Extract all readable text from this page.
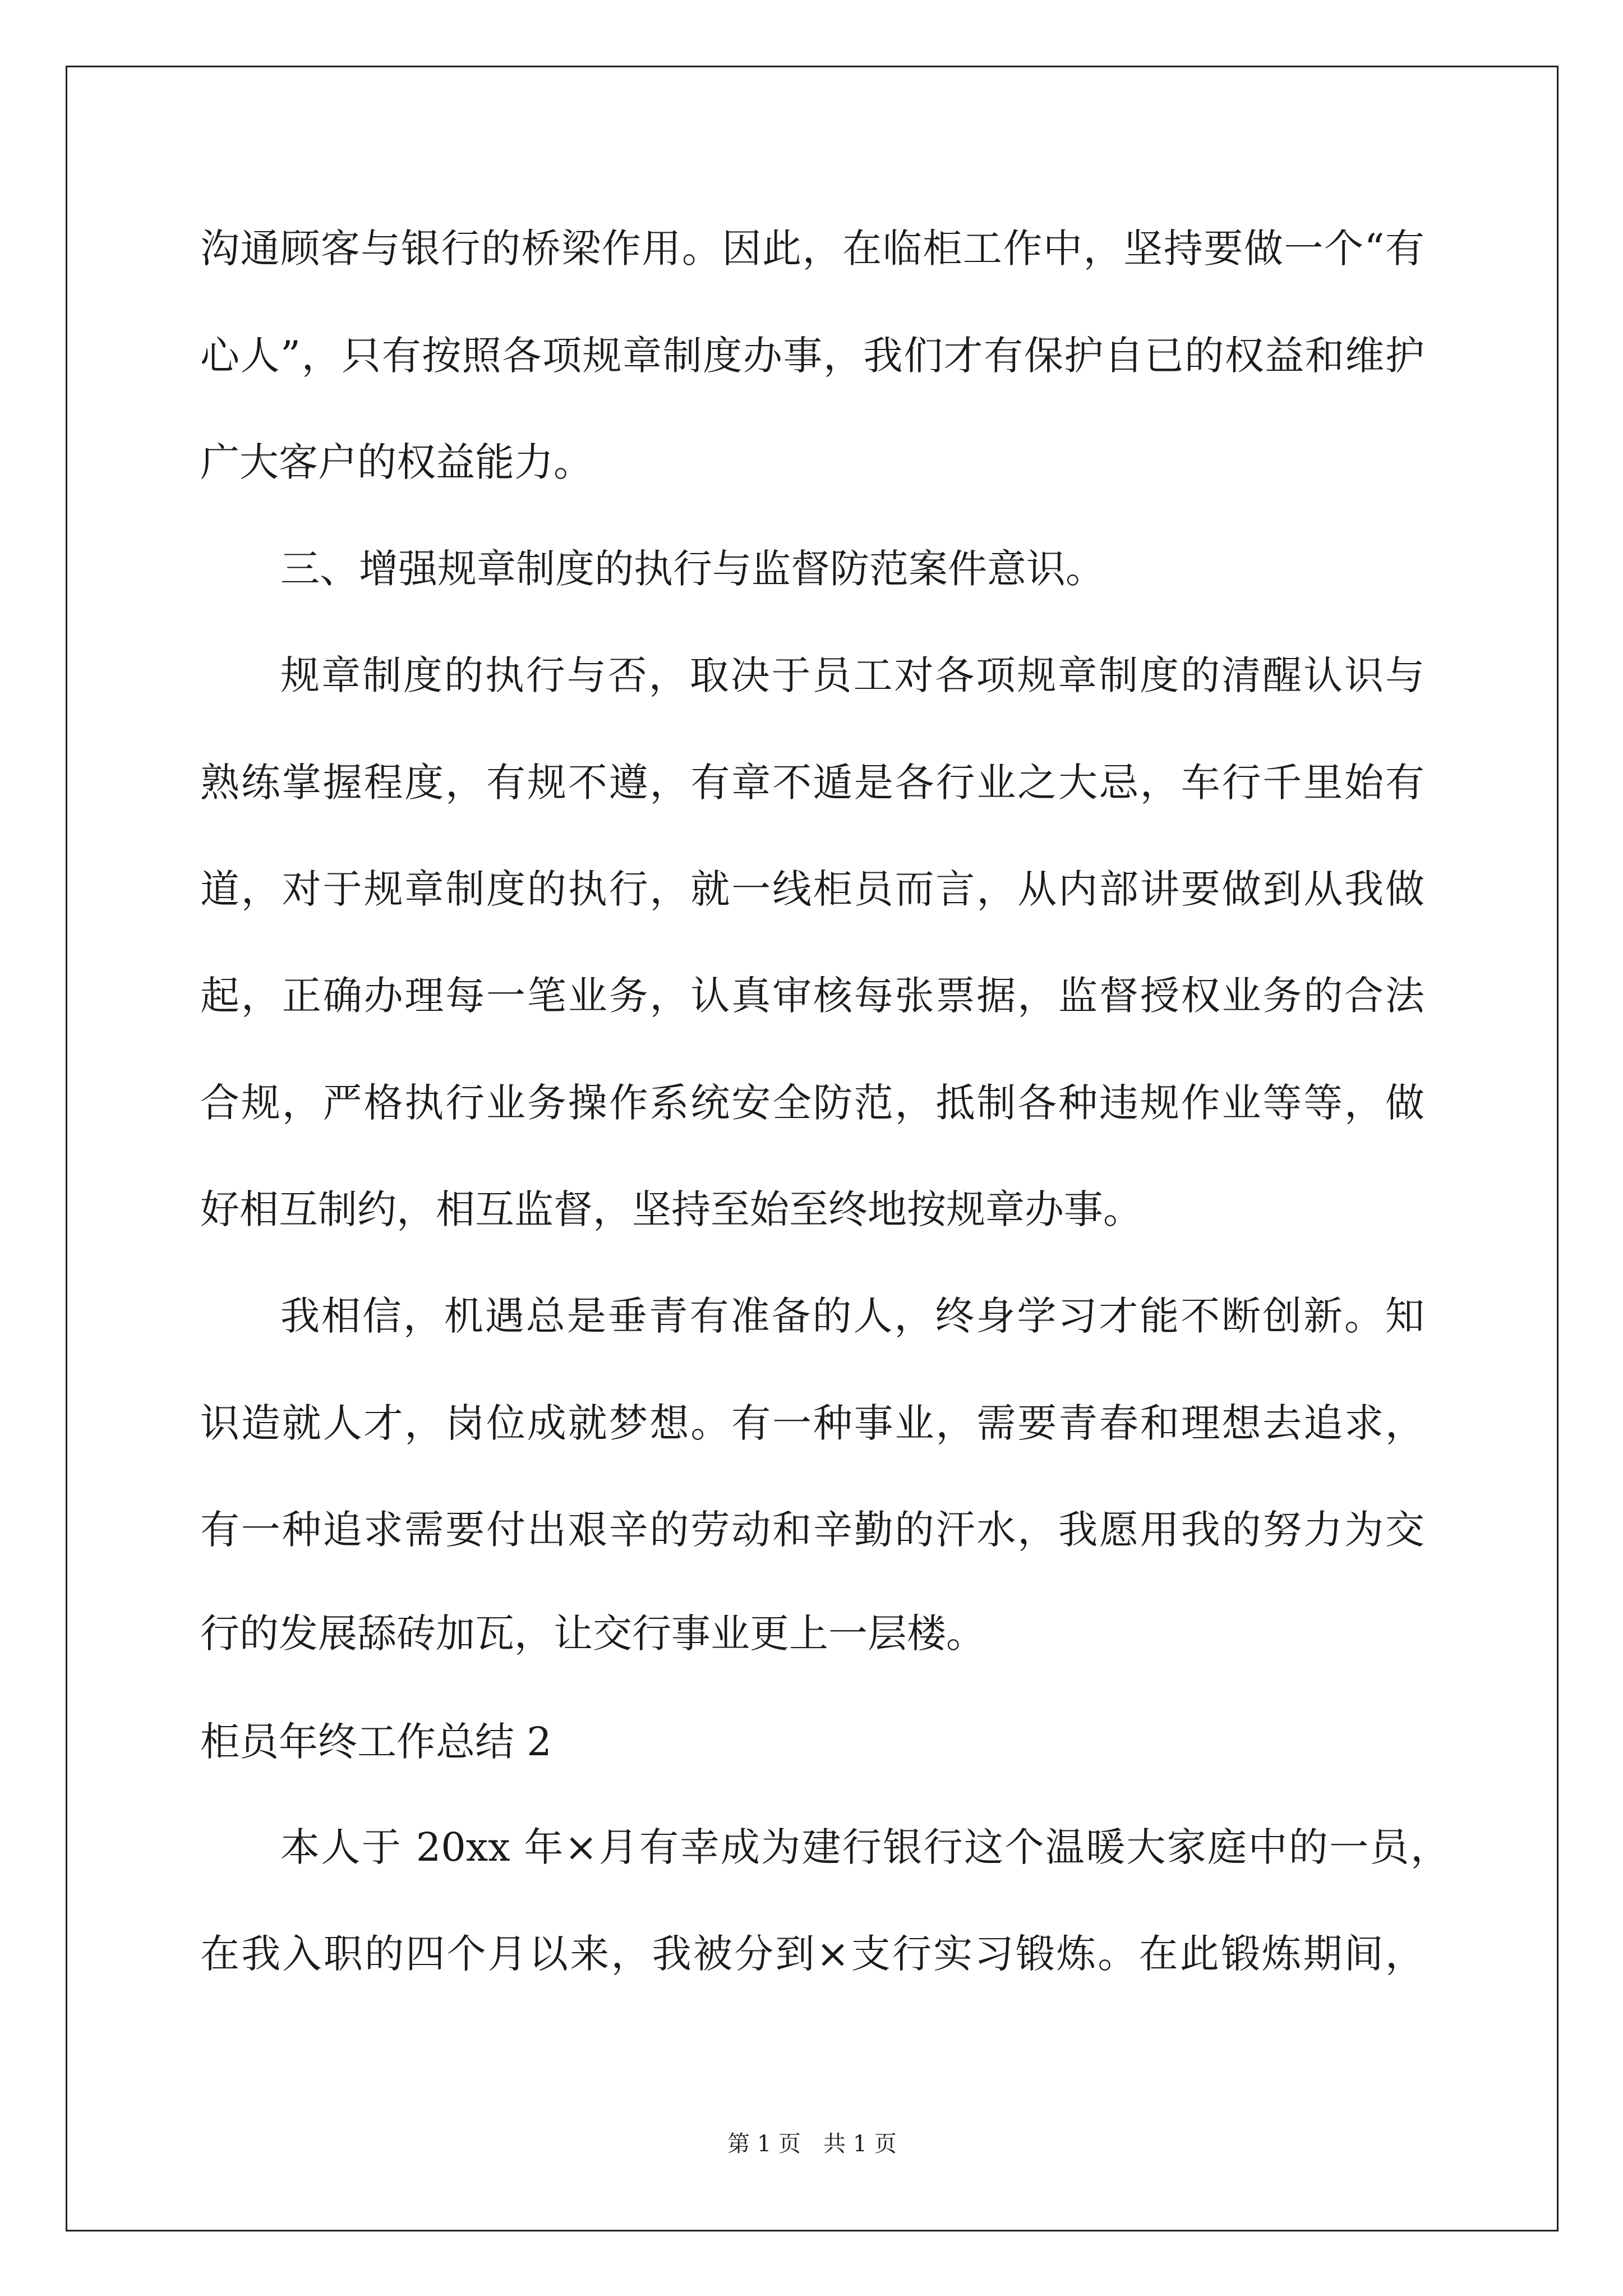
沟通顾客与银行的桥梁作用。因此，在临柜工作中，坚持要做一个“有
心人”，只有按照各项规章制度办事，我们才有保护自已的权益和维护
广大客户的权益能力。
三、增强规章制度的执行与监督防范案件意识。
规章制度的执行与否，取决于员工对各项规章制度的清醒认识与
熟练掌握程度，有规不遵，有章不遁是各行业之大忌，车行千里始有
道，对于规章制度的执行，就一线柜员而言，从内部讲要做到从我做
起，正确办理每一笔业务，认真审核每张票据，监督授权业务的合法
合规，严格执行业务操作系统安全防范，抵制各种违规作业等等，做
好相互制约，相互监督，坚持至始至终地按规章办事。
我相信，机遇总是垂青有准备的人，终身学习才能不断创新。知
识造就人才，岗位成就梦想。有一种事业，需要青春和理想去追求，
有一种追求需要付出艰辛的劳动和辛勤的汗水，我愿用我的努力为交
行的发展舔砖加瓦，让交行事业更上一层楼。
柜员年终工作总结 2
本人于 20xx 年×月有幸成为建行银行这个温暖大家庭中的一员，
在我入职的四个月以来，我被分到×支行实习锻炼。在此锻炼期间，
第 1 页　共 1 页
